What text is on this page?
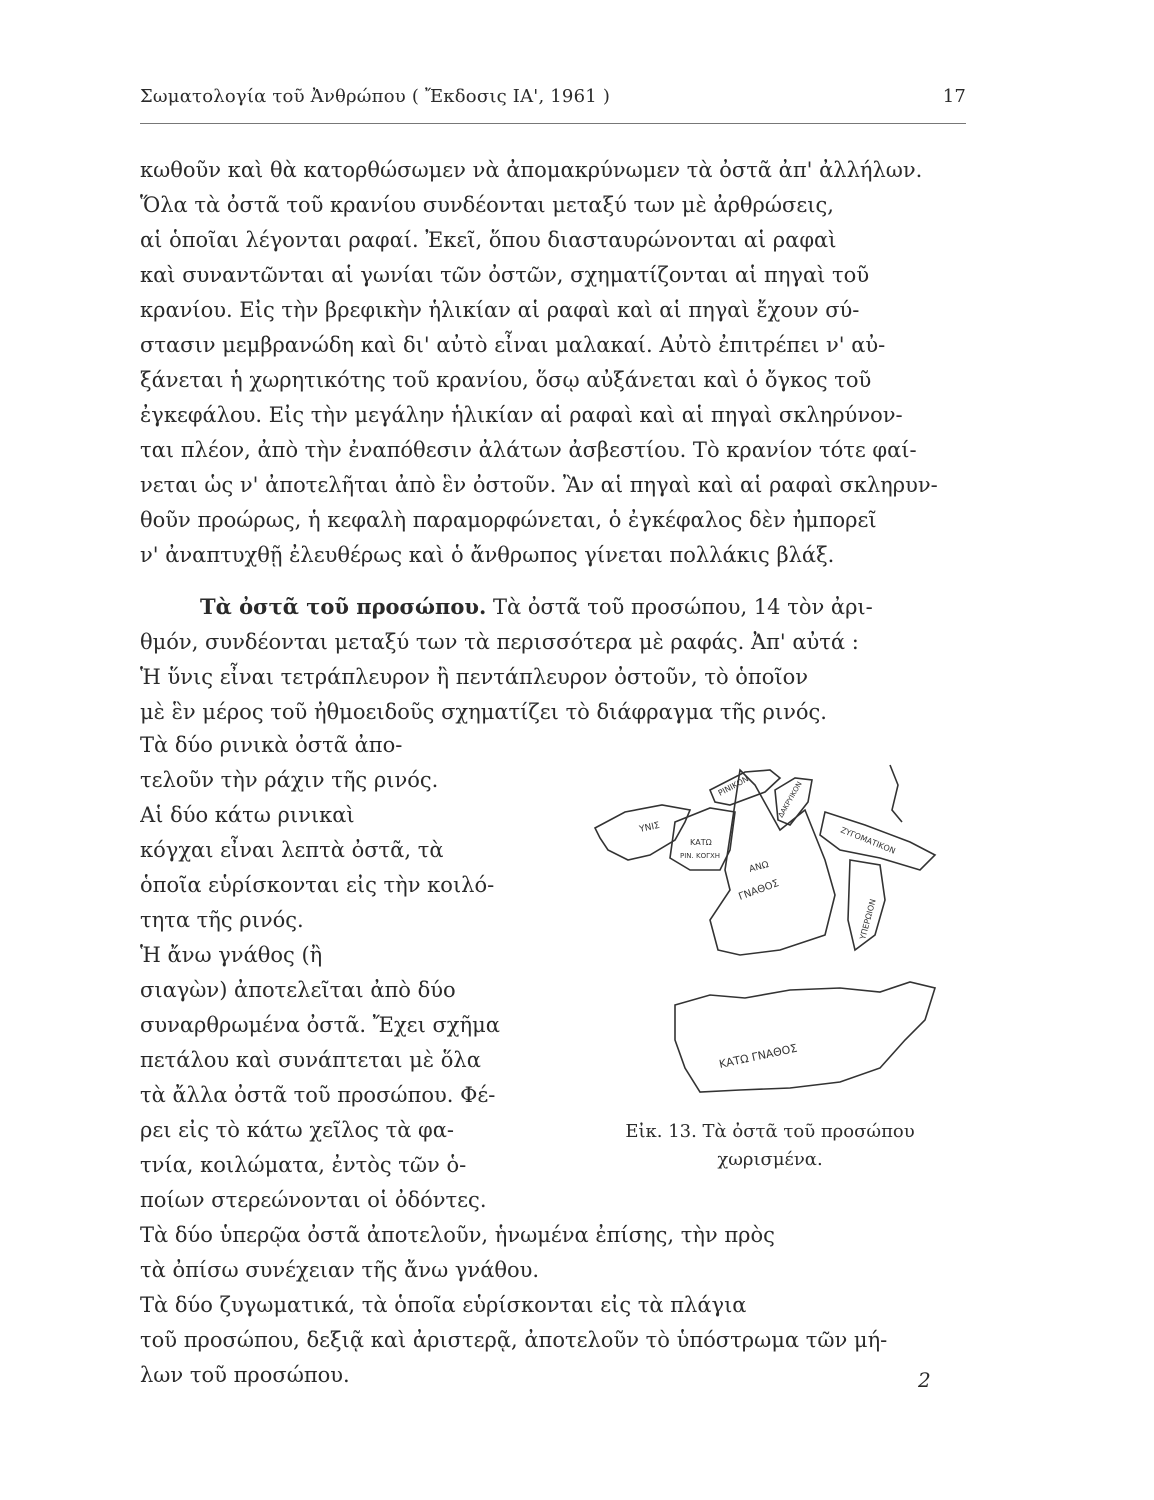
Σωματολογία τοῦ Ἀνθρώπου ( Ἔκδοσις ΙΑ', 1961 )	17
κωθοῦν καὶ θὰ κατορθώσωμεν νὰ ἀπομακρύνωμεν τὰ ὀστᾶ ἀπ' ἀλλήλων.
Ὅλα τὰ ὀστᾶ τοῦ κρανίου συνδέονται μεταξύ των μὲ ἀρθρώσεις,
αἱ ὁποῖαι λέγονται ραφαί. Ἐκεῖ, ὅπου διασταυρώνονται αἱ ραφαὶ
καὶ συναντῶνται αἱ γωνίαι τῶν ὀστῶν, σχηματίζονται αἱ πηγαὶ τοῦ
κρανίου. Εἰς τὴν βρεφικὴν ἡλικίαν αἱ ραφαὶ καὶ αἱ πηγαὶ ἔχουν σύ-
στασιν μεμβρανώδη καὶ δι' αὐτὸ εἶναι μαλακαί. Αὐτὸ ἐπιτρέπει ν' αὐ-
ξάνεται ἡ χωρητικότης τοῦ κρανίου, ὅσῳ αὐξάνεται καὶ ὁ ὄγκος τοῦ
ἐγκεφάλου. Εἰς τὴν μεγάλην ἡλικίαν αἱ ραφαὶ καὶ αἱ πηγαὶ σκληρύνον-
ται πλέον, ἀπὸ τὴν ἐναπόθεσιν ἀλάτων ἀσβεστίου. Τὸ κρανίον τότε φαί-
νεται ὡς ν' ἀποτελῆται ἀπὸ ἓν ὀστοῦν. Ἂν αἱ πηγαὶ καὶ αἱ ραφαὶ σκληρυν-
θοῦν προώρως, ἡ κεφαλὴ παραμορφώνεται, ὁ ἐγκέφαλος δὲν ἠμπορεῖ
ν' ἀναπτυχθῇ ἐλευθέρως καὶ ὁ ἄνθρωπος γίνεται πολλάκις βλάξ.
Τὰ ὀστᾶ τοῦ προσώπου. Τὰ ὀστᾶ τοῦ προσώπου, 14 τὸν ἀρι-
θμόν, συνδέονται μεταξύ των τὰ περισσότερα μὲ ραφάς. Ἀπ' αὐτά :
Ἡ ὕνις εἶναι τετράπλευρον ἢ πεντάπλευρον ὀστοῦν, τὸ ὁποῖον
μὲ ἓν μέρος τοῦ ἠθμοειδοῦς σχηματίζει τὸ διάφραγμα τῆς ρινός.
Τὰ δύο ρινικὰ ὀστᾶ ἀπο-
τελοῦν τὴν ράχιν τῆς ρινός.
Αἱ δύο κάτω ρινικαὶ
κόγχαι εἶναι λεπτὰ ὀστᾶ, τὰ
ὁποῖα εὑρίσκονται εἰς τὴν κοιλό-
τητα τῆς ρινός.
Ἡ ἄνω γνάθος (ἢ
σιαγὼν) ἀποτελεῖται ἀπὸ δύο
συναρθρωμένα ὀστᾶ. Ἔχει σχῆμα
πετάλου καὶ συνάπτεται μὲ ὅλα
τὰ ἄλλα ὀστᾶ τοῦ προσώπου. Φέ-
ρει εἰς τὸ κάτω χεῖλος τὰ φα-
τνία, κοιλώματα, ἐντὸς τῶν ὁ-
ποίων στερεώνονται οἱ ὀδόντες.
Τὰ δύο ὑπερῷα ὀστᾶ ἀποτελοῦν, ἡνωμένα ἐπίσης, τὴν πρὸς
τὰ ὀπίσω συνέχειαν τῆς ἄνω γνάθου.
Τὰ δύο ζυγωματικά, τὰ ὁποῖα εὑρίσκονται εἰς τὰ πλάγια
τοῦ προσώπου, δεξιᾷ καὶ ἀριστερᾷ, ἀποτελοῦν τὸ ὑπόστρωμα τῶν μή-
λων τοῦ προσώπου.
ΥΝΙΣ
ΡΙΝΙΚΟΝ	ΔΑΚΡΥΙΚΟΝ
ΚΑΤΩ
ΡΙΝ. ΚΟΓΧΗ
ΖΥΓΟΜΑΤΙΚΟΝ
ΑΝΩ
ΓΝΑΘΟΣ
ΥΠΕΡΩΙΟΝ
ΚΑΤΩ ΓΝΑΘΟΣ
Εἰκ. 13. Τὰ ὀστᾶ τοῦ προσώπου
χωρισμένα.
2
